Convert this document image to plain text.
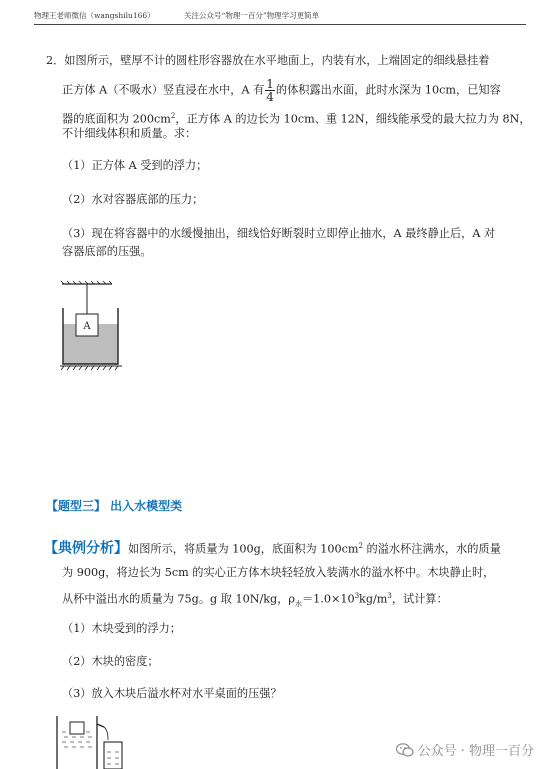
物理王老师微信（wangshilu166）	关注公众号“物理一百分”物理学习更简单
2．如图所示，壁厚不计的圆柱形容器放在水平地面上，内装有水，上端固定的细线悬挂着
正方体 A（不吸水）竖直浸在水中，A 有 $\frac{1}{4}$ 的体积露出水面，此时水深为 10cm，已知容
器的底面积为 $200cm^2$，正方体 A 的边长为 10cm、重 12N，细线能承受的最大拉力为 8N，
不计细线体积和质量。求：
（1）正方体 A 受到的浮力；
（2）水对容器底部的压力；
（3）现在将容器中的水缓慢抽出，细线恰好断裂时立即停止抽水，A 最终静止后，A 对
容器底部的压强。
A
【题型三】 出入水模型类
【典例分析】如图所示，将质量为 100g，底面积为 $100cm^2$ 的溢水杯注满水，水的质量
为 900g，将边长为 5cm 的实心正方体木块轻轻放入装满水的溢水杯中。木块静止时，
从杯中溢出水的质量为 75g。g 取 10N/kg，$\rho_水=1.0\times 10^3kg/m^3$，试计算：
（1）木块受到的浮力；
（2）木块的密度；
（3）放入木块后溢水杯对水平桌面的压强？
公众号 · 物理一百分
